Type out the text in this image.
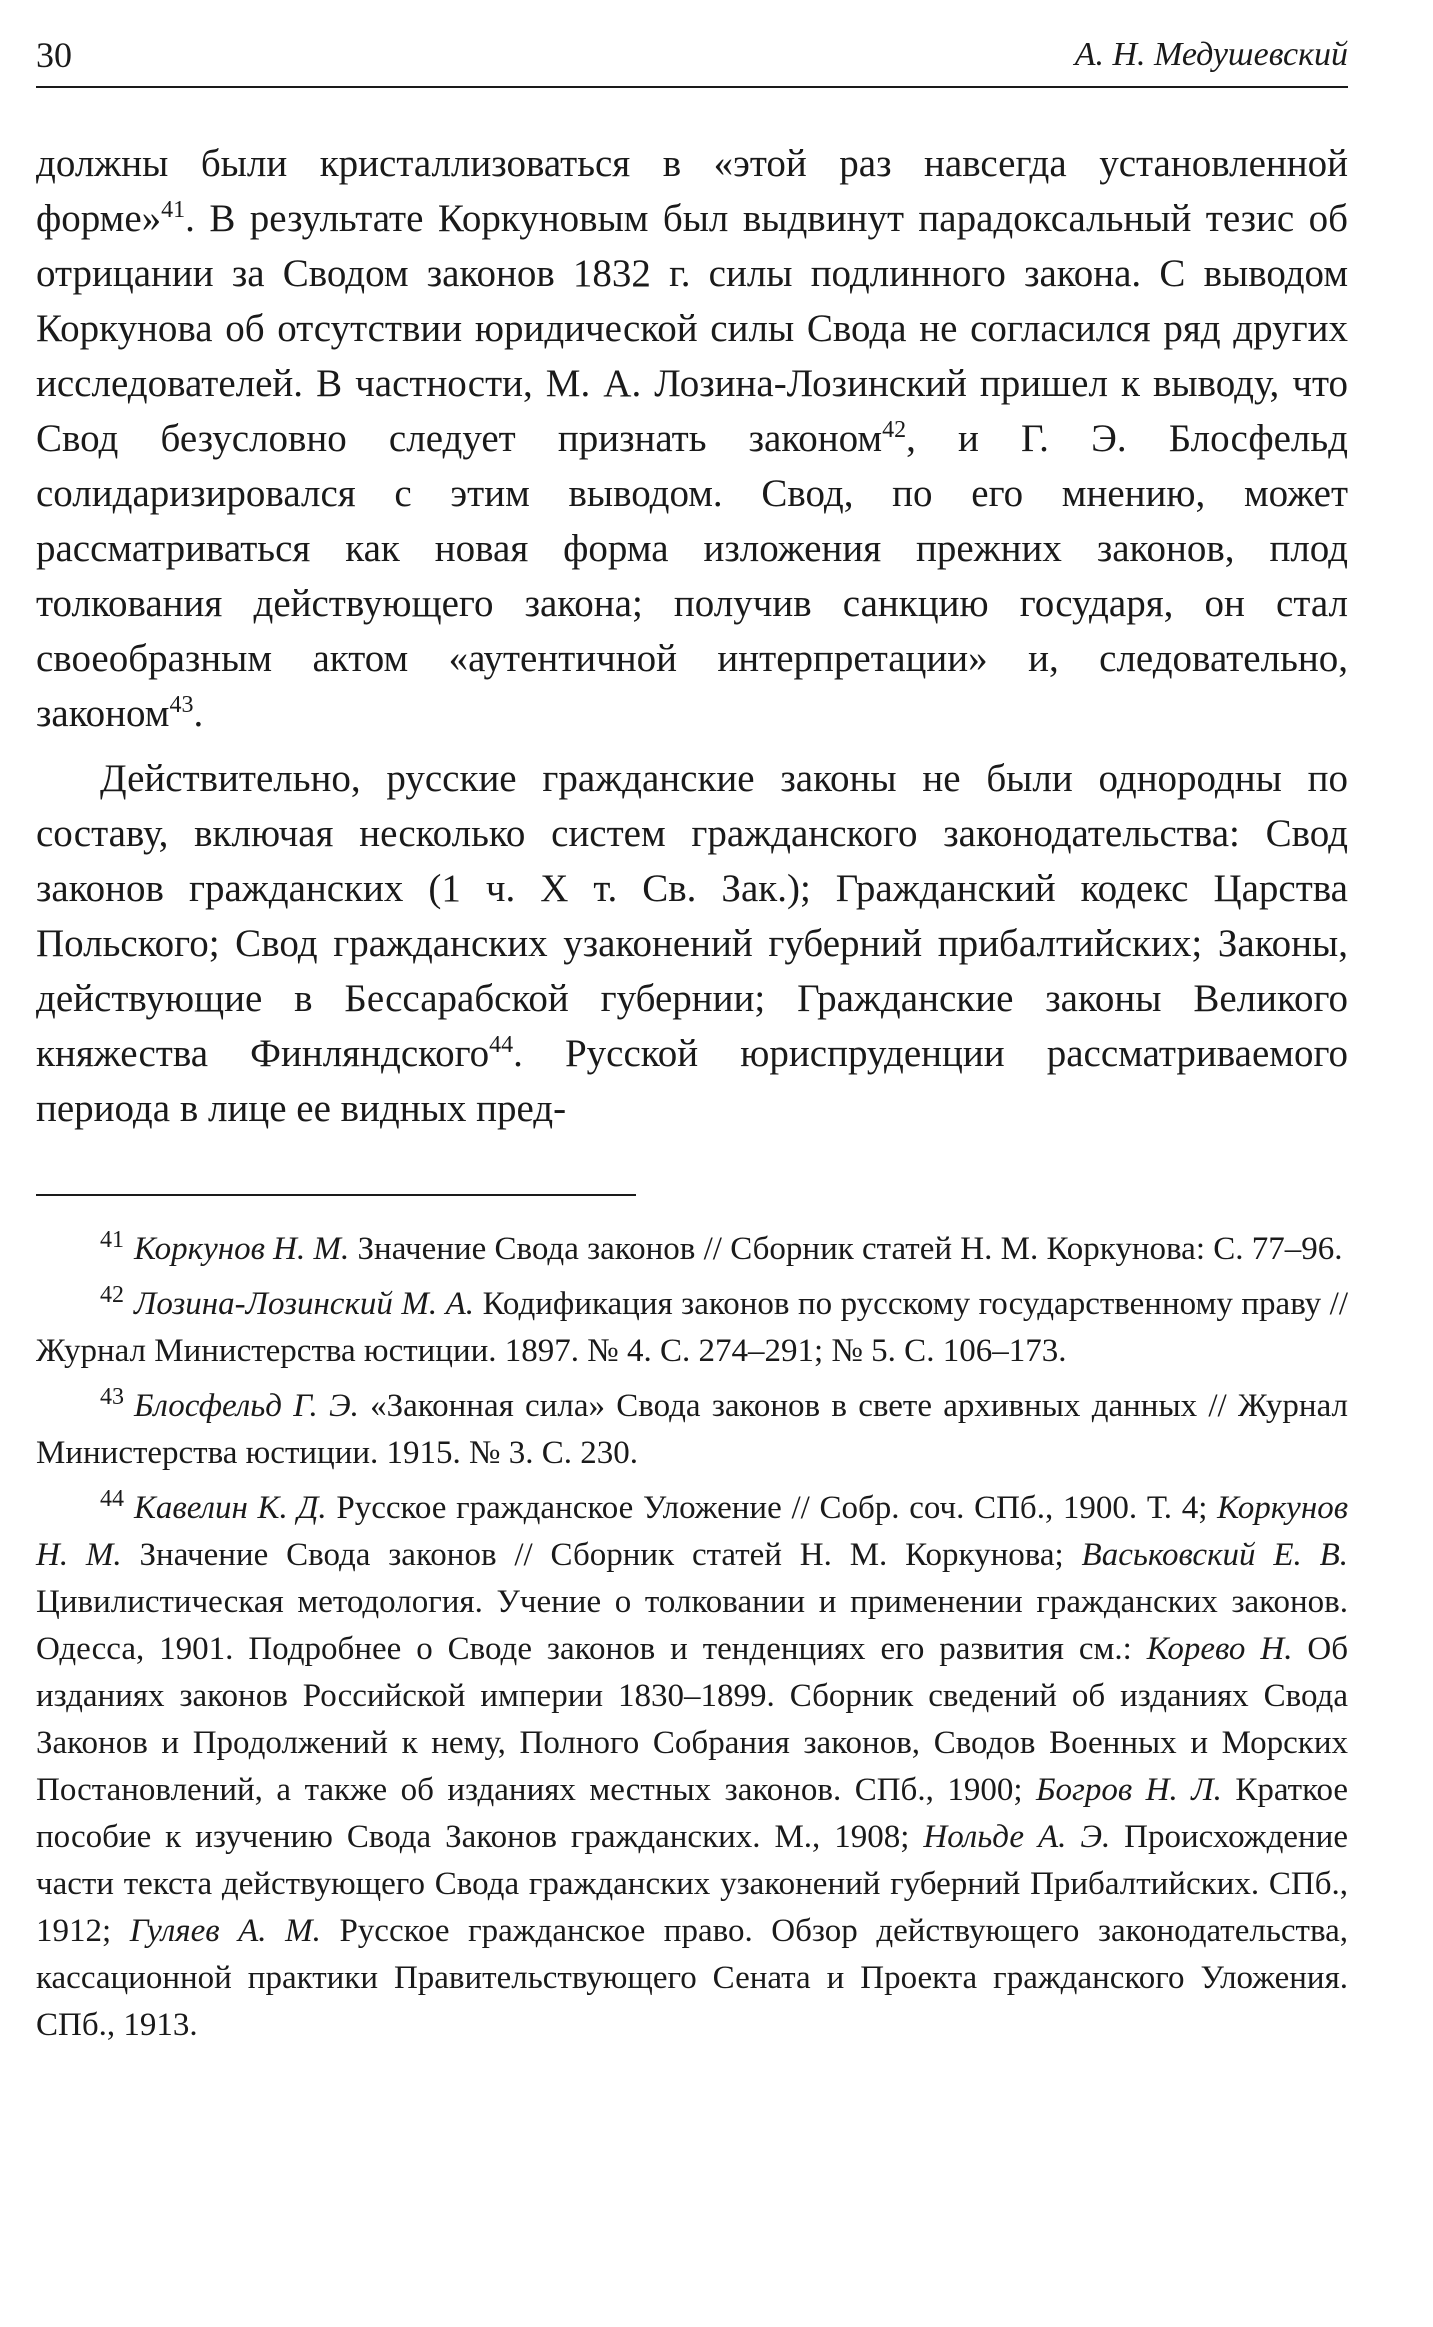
30	А. Н. Медушевский

должны были кристаллизоваться в «этой раз навсегда установленной форме»$^{41}$. В результате Коркуновым был выдвинут парадоксальный тезис об отрицании за Сводом законов 1832 г. силы подлинного закона. С выводом Коркунова об отсутствии юридической силы Свода не согласился ряд других исследователей. В частности, М. А. Лозина-Лозинский пришел к выводу, что Свод безусловно следует признать законом$^{42}$, и Г. Э. Блосфельд солидаризировался с этим выводом. Свод, по его мнению, может рассматриваться как новая форма изложения прежних законов, плод толкования действующего закона; получив санкцию государя, он стал своеобразным актом «аутентичной интерпретации» и, следовательно, законом$^{43}$.

Действительно, русские гражданские законы не были однородны по составу, включая несколько систем гражданского законодательства: Свод законов гражданских (1 ч. X т. Св. Зак.); Гражданский кодекс Царства Польского; Свод гражданских узаконений губерний прибалтийских; Законы, действующие в Бессарабской губернии; Гражданские законы Великого княжества Финляндского$^{44}$. Русской юриспруденции рассматриваемого периода в лице ее видных пред-

$^{41}$ Коркунов Н. М. Значение Свода законов // Сборник статей Н. М. Коркунова: С. 77–96.

$^{42}$ Лозина-Лозинский М. А. Кодификация законов по русскому государственному праву // Журнал Министерства юстиции. 1897. № 4. С. 274–291; № 5. С. 106–173.

$^{43}$ Блосфельд Г. Э. «Законная сила» Свода законов в свете архивных данных // Журнал Министерства юстиции. 1915. № 3. С. 230.

$^{44}$ Кавелин К. Д. Русское гражданское Уложение // Собр. соч. СПб., 1900. Т. 4; Коркунов Н. М. Значение Свода законов // Сборник статей Н. М. Коркунова; Васьковский Е. В. Цивилистическая методология. Учение о толковании и применении гражданских законов. Одесса, 1901. Подробнее о Своде законов и тенденциях его развития см.: Корево Н. Об изданиях законов Российской империи 1830–1899. Сборник сведений об изданиях Свода Законов и Продолжений к нему, Полного Собрания законов, Сводов Военных и Морских Постановлений, а также об изданиях местных законов. СПб., 1900; Богров Н. Л. Краткое пособие к изучению Свода Законов гражданских. М., 1908; Нольде А. Э. Происхождение части текста действующего Свода гражданских узаконений губерний Прибалтийских. СПб., 1912; Гуляев А. М. Русское гражданское право. Обзор действующего законодательства, кассационной практики Правительствующего Сената и Проекта гражданского Уложения. СПб., 1913.
